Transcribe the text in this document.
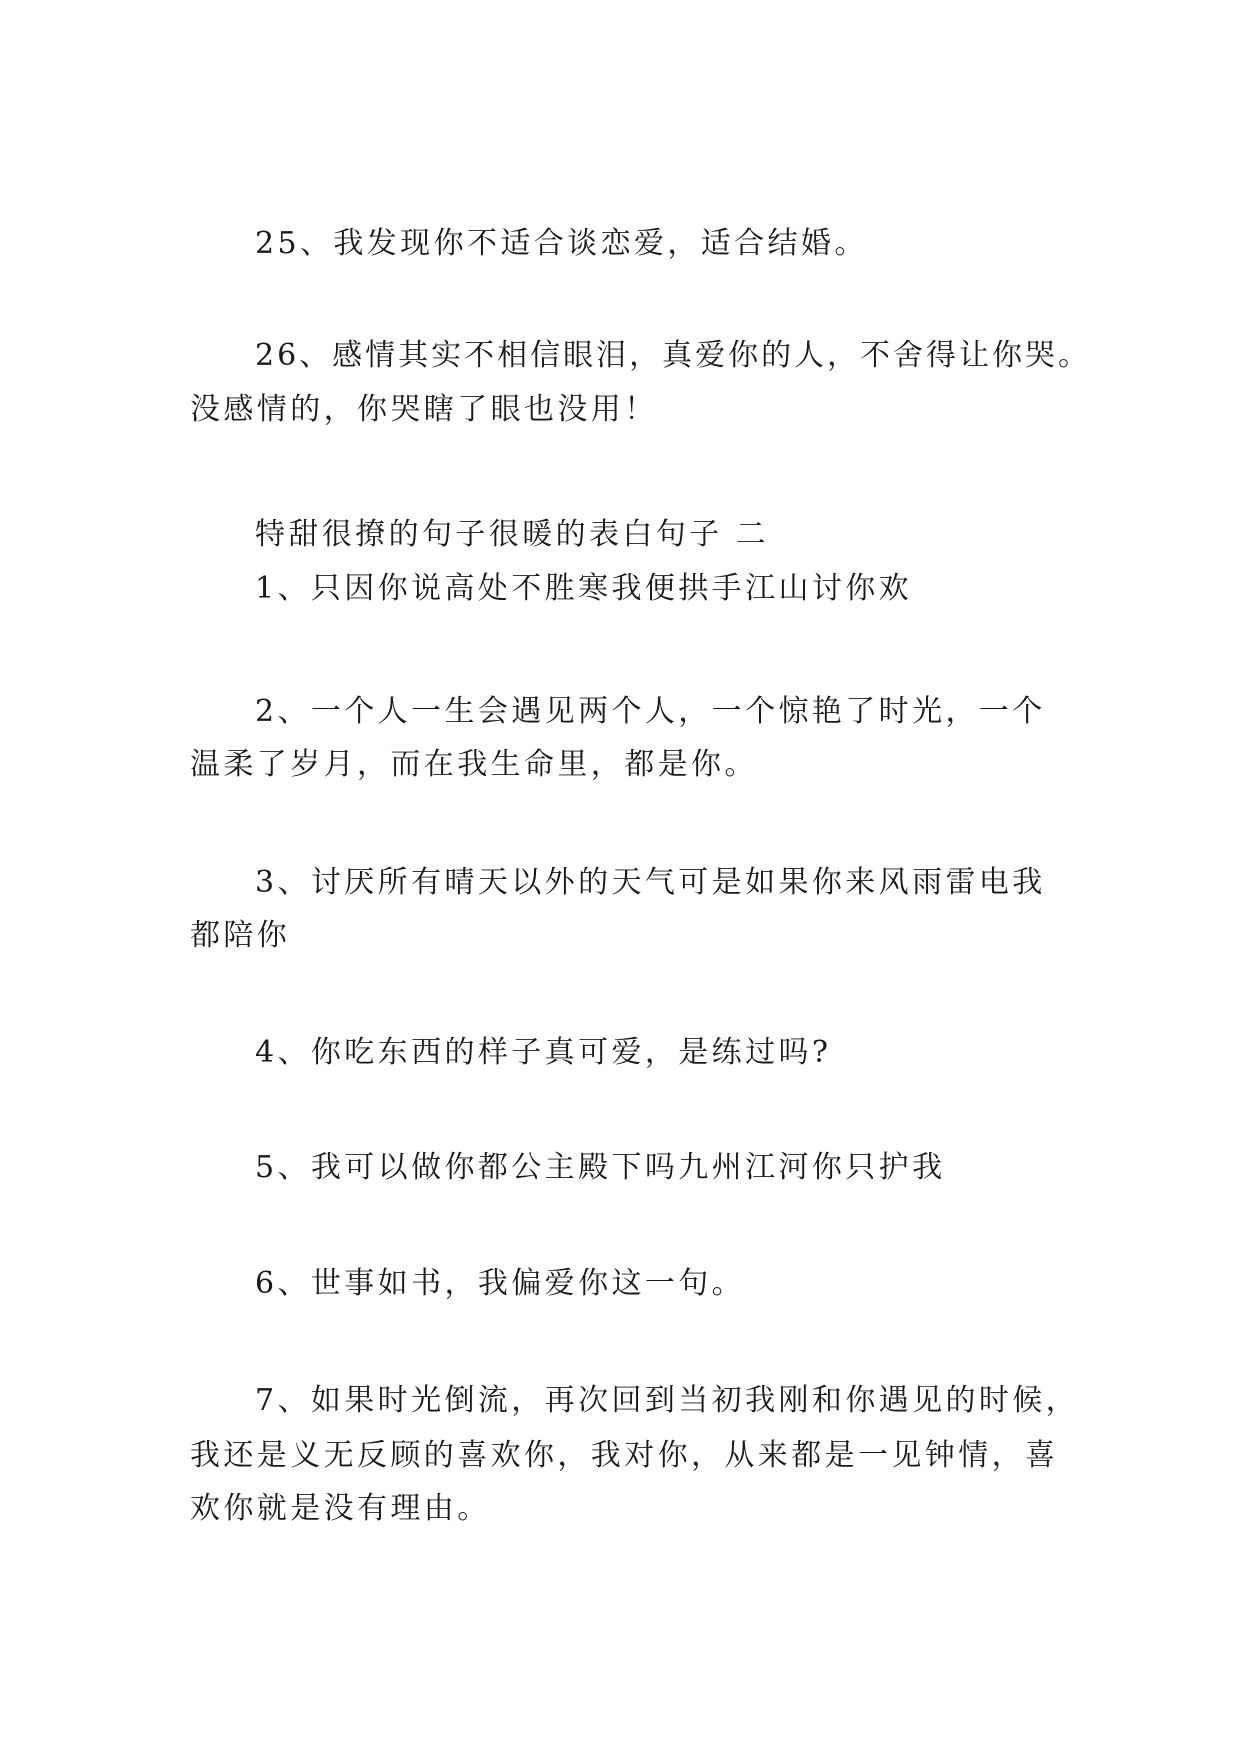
25、我发现你不适合谈恋爱，适合结婚。

26、感情其实不相信眼泪，真爱你的人，不舍得让你哭。

没感情的，你哭瞎了眼也没用！

特甜很撩的句子很暖的表白句子 二

1、只因你说高处不胜寒我便拱手江山讨你欢

2、一个人一生会遇见两个人，一个惊艳了时光，一个

温柔了岁月，而在我生命里，都是你。

3、讨厌所有晴天以外的天气可是如果你来风雨雷电我

都陪你

4、你吃东西的样子真可爱，是练过吗?

5、我可以做你都公主殿下吗九州江河你只护我

6、世事如书，我偏爱你这一句。

7、如果时光倒流，再次回到当初我刚和你遇见的时候，

我还是义无反顾的喜欢你，我对你，从来都是一见钟情，喜

欢你就是没有理由。
